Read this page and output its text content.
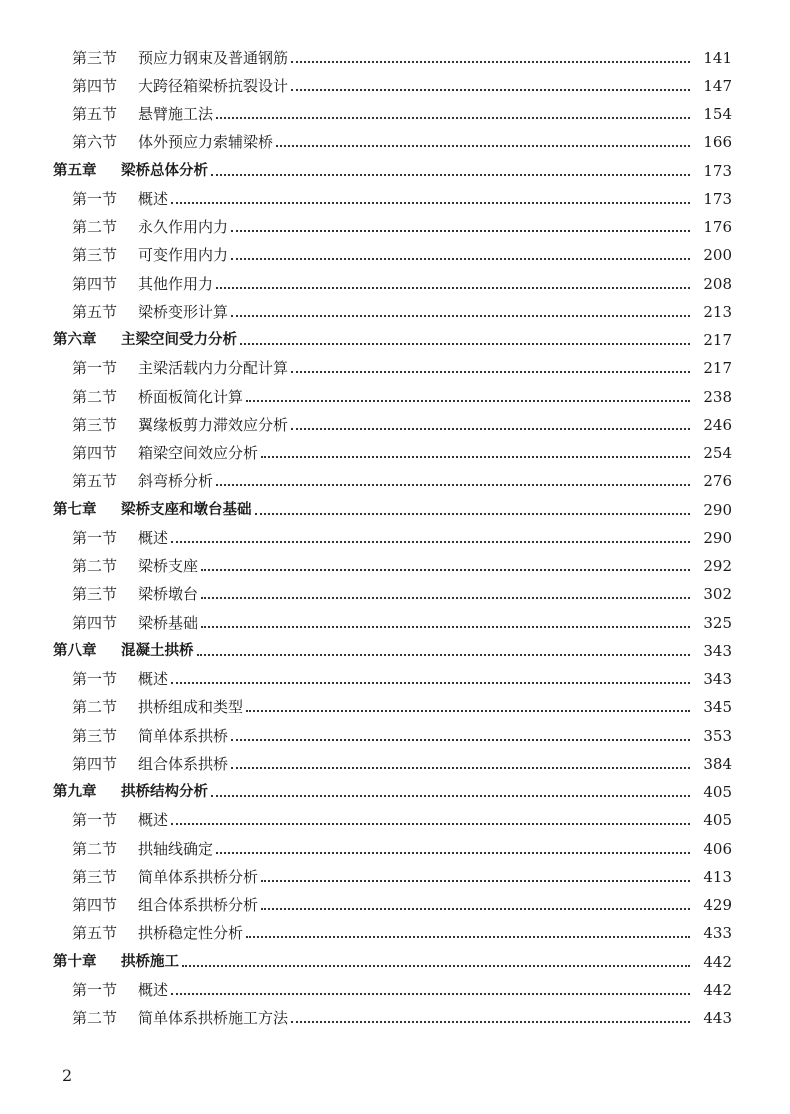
第三节	预应力钢束及普通钢筋	141
第四节	大跨径箱梁桥抗裂设计	147
第五节	悬臂施工法	154
第六节	体外预应力索辅梁桥	166
第五章	梁桥总体分析	173
第一节	概述	173
第二节	永久作用内力	176
第三节	可变作用内力	200
第四节	其他作用力	208
第五节	梁桥变形计算	213
第六章	主梁空间受力分析	217
第一节	主梁活载内力分配计算	217
第二节	桥面板简化计算	238
第三节	翼缘板剪力滞效应分析	246
第四节	箱梁空间效应分析	254
第五节	斜弯桥分析	276
第七章	梁桥支座和墩台基础	290
第一节	概述	290
第二节	梁桥支座	292
第三节	梁桥墩台	302
第四节	梁桥基础	325
第八章	混凝土拱桥	343
第一节	概述	343
第二节	拱桥组成和类型	345
第三节	简单体系拱桥	353
第四节	组合体系拱桥	384
第九章	拱桥结构分析	405
第一节	概述	405
第二节	拱轴线确定	406
第三节	简单体系拱桥分析	413
第四节	组合体系拱桥分析	429
第五节	拱桥稳定性分析	433
第十章	拱桥施工	442
第一节	概述	442
第二节	简单体系拱桥施工方法	443
2
